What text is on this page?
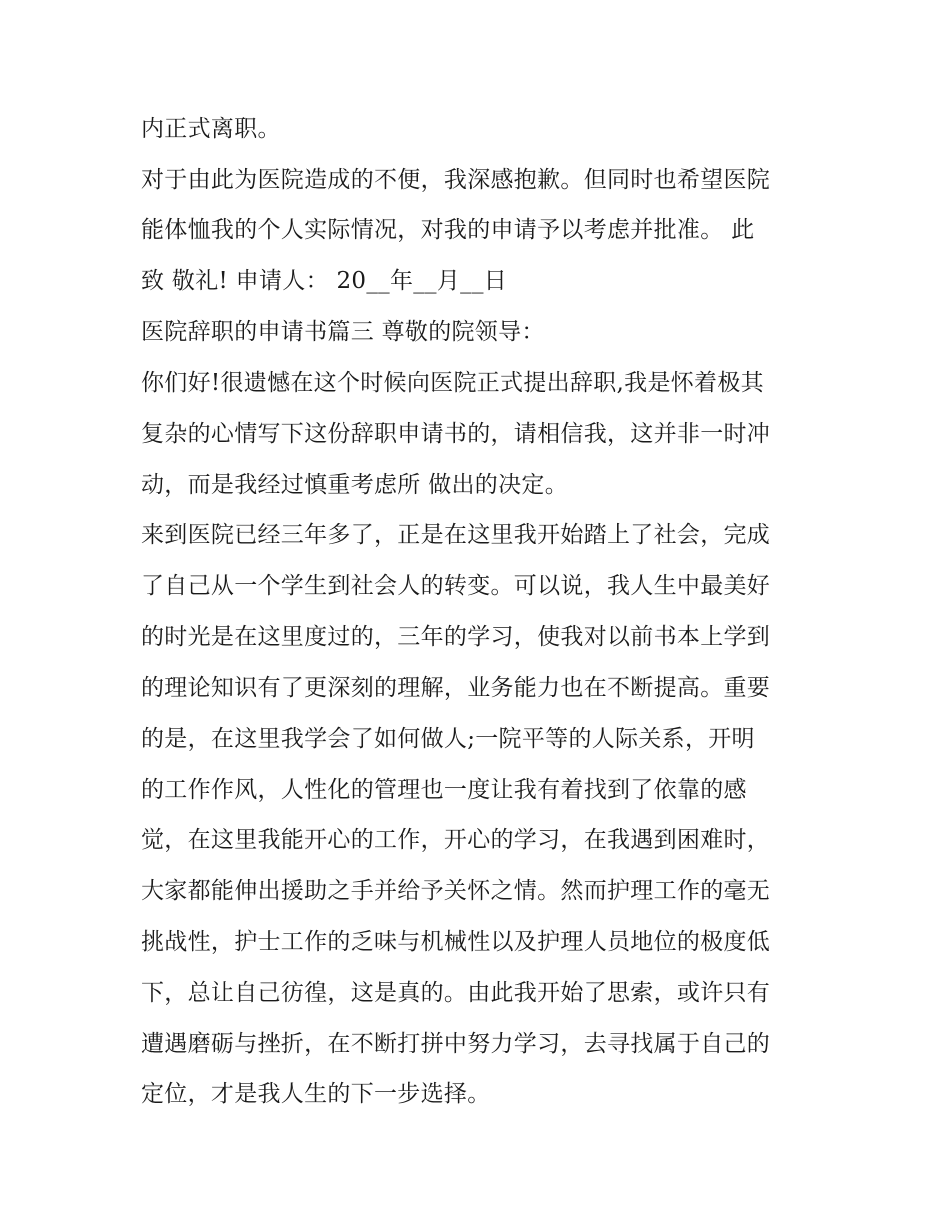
内正式离职。
对于由此为医院造成的不便，我深感抱歉。但同时也希望医院
能体恤我的个人实际情况，对我的申请予以考虑并批准。 此
致 敬礼! 申请人： 20__年__月__日
医院辞职的申请书篇三 尊敬的院领导：
你们好!很遗憾在这个时候向医院正式提出辞职,我是怀着极其
复杂的心情写下这份辞职申请书的，请相信我，这并非一时冲
动，而是我经过慎重考虑所 做出的决定。
来到医院已经三年多了，正是在这里我开始踏上了社会，完成
了自己从一个学生到社会人的转变。可以说，我人生中最美好
的时光是在这里度过的，三年的学习，使我对以前书本上学到
的理论知识有了更深刻的理解，业务能力也在不断提高。重要
的是，在这里我学会了如何做人;一院平等的人际关系，开明
的工作作风，人性化的管理也一度让我有着找到了依靠的感
觉，在这里我能开心的工作，开心的学习，在我遇到困难时，
大家都能伸出援助之手并给予关怀之情。然而护理工作的毫无
挑战性，护士工作的乏味与机械性以及护理人员地位的极度低
下，总让自己彷徨，这是真的。由此我开始了思索，或许只有
遭遇磨砺与挫折，在不断打拼中努力学习，去寻找属于自己的
定位，才是我人生的下一步选择。
